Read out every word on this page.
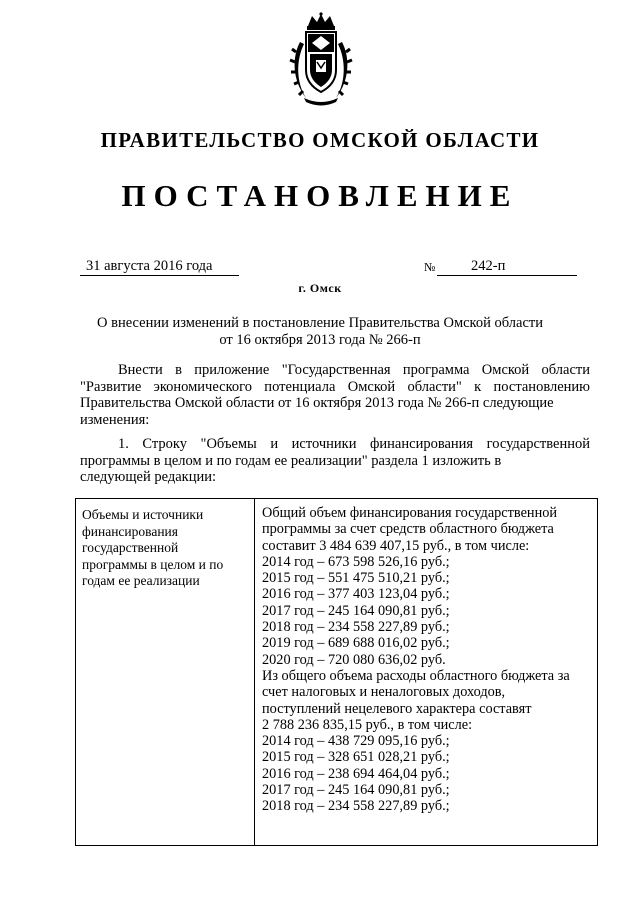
ПРАВИТЕЛЬСТВО ОМСКОЙ ОБЛАСТИ
ПОСТАНОВЛЕНИЕ
31 августа 2016 года	№	242-п
г. Омск
О внесении изменений в постановление Правительства Омской области
от 16 октября 2013 года № 266-п
Внести в приложение "Государственная программа Омской области "Развитие экономического потенциала Омской области" к постановлению Правительства Омской области от 16 октября 2013 года № 266-п следующие
изменения:
1. Строку "Объемы и источники финансирования государственной программы в целом и по годам ее реализации" раздела 1 изложить в
следующей редакции:
Объемы и источники
финансирования
государственной
программы в целом и по
годам ее реализации
Общий объем финансирования государственной
программы за счет средств областного бюджета
составит 3 484 639 407,15 руб., в том числе:
2014 год – 673 598 526,16 руб.;
2015 год – 551 475 510,21 руб.;
2016 год – 377 403 123,04 руб.;
2017 год – 245 164 090,81 руб.;
2018 год – 234 558 227,89 руб.;
2019 год – 689 688 016,02 руб.;
2020 год – 720 080 636,02 руб.
Из общего объема расходы областного бюджета за
счет налоговых и неналоговых доходов,
поступлений нецелевого характера составят
2 788 236 835,15 руб., в том числе:
2014 год – 438 729 095,16 руб.;
2015 год – 328 651 028,21 руб.;
2016 год – 238 694 464,04 руб.;
2017 год – 245 164 090,81 руб.;
2018 год – 234 558 227,89 руб.;
